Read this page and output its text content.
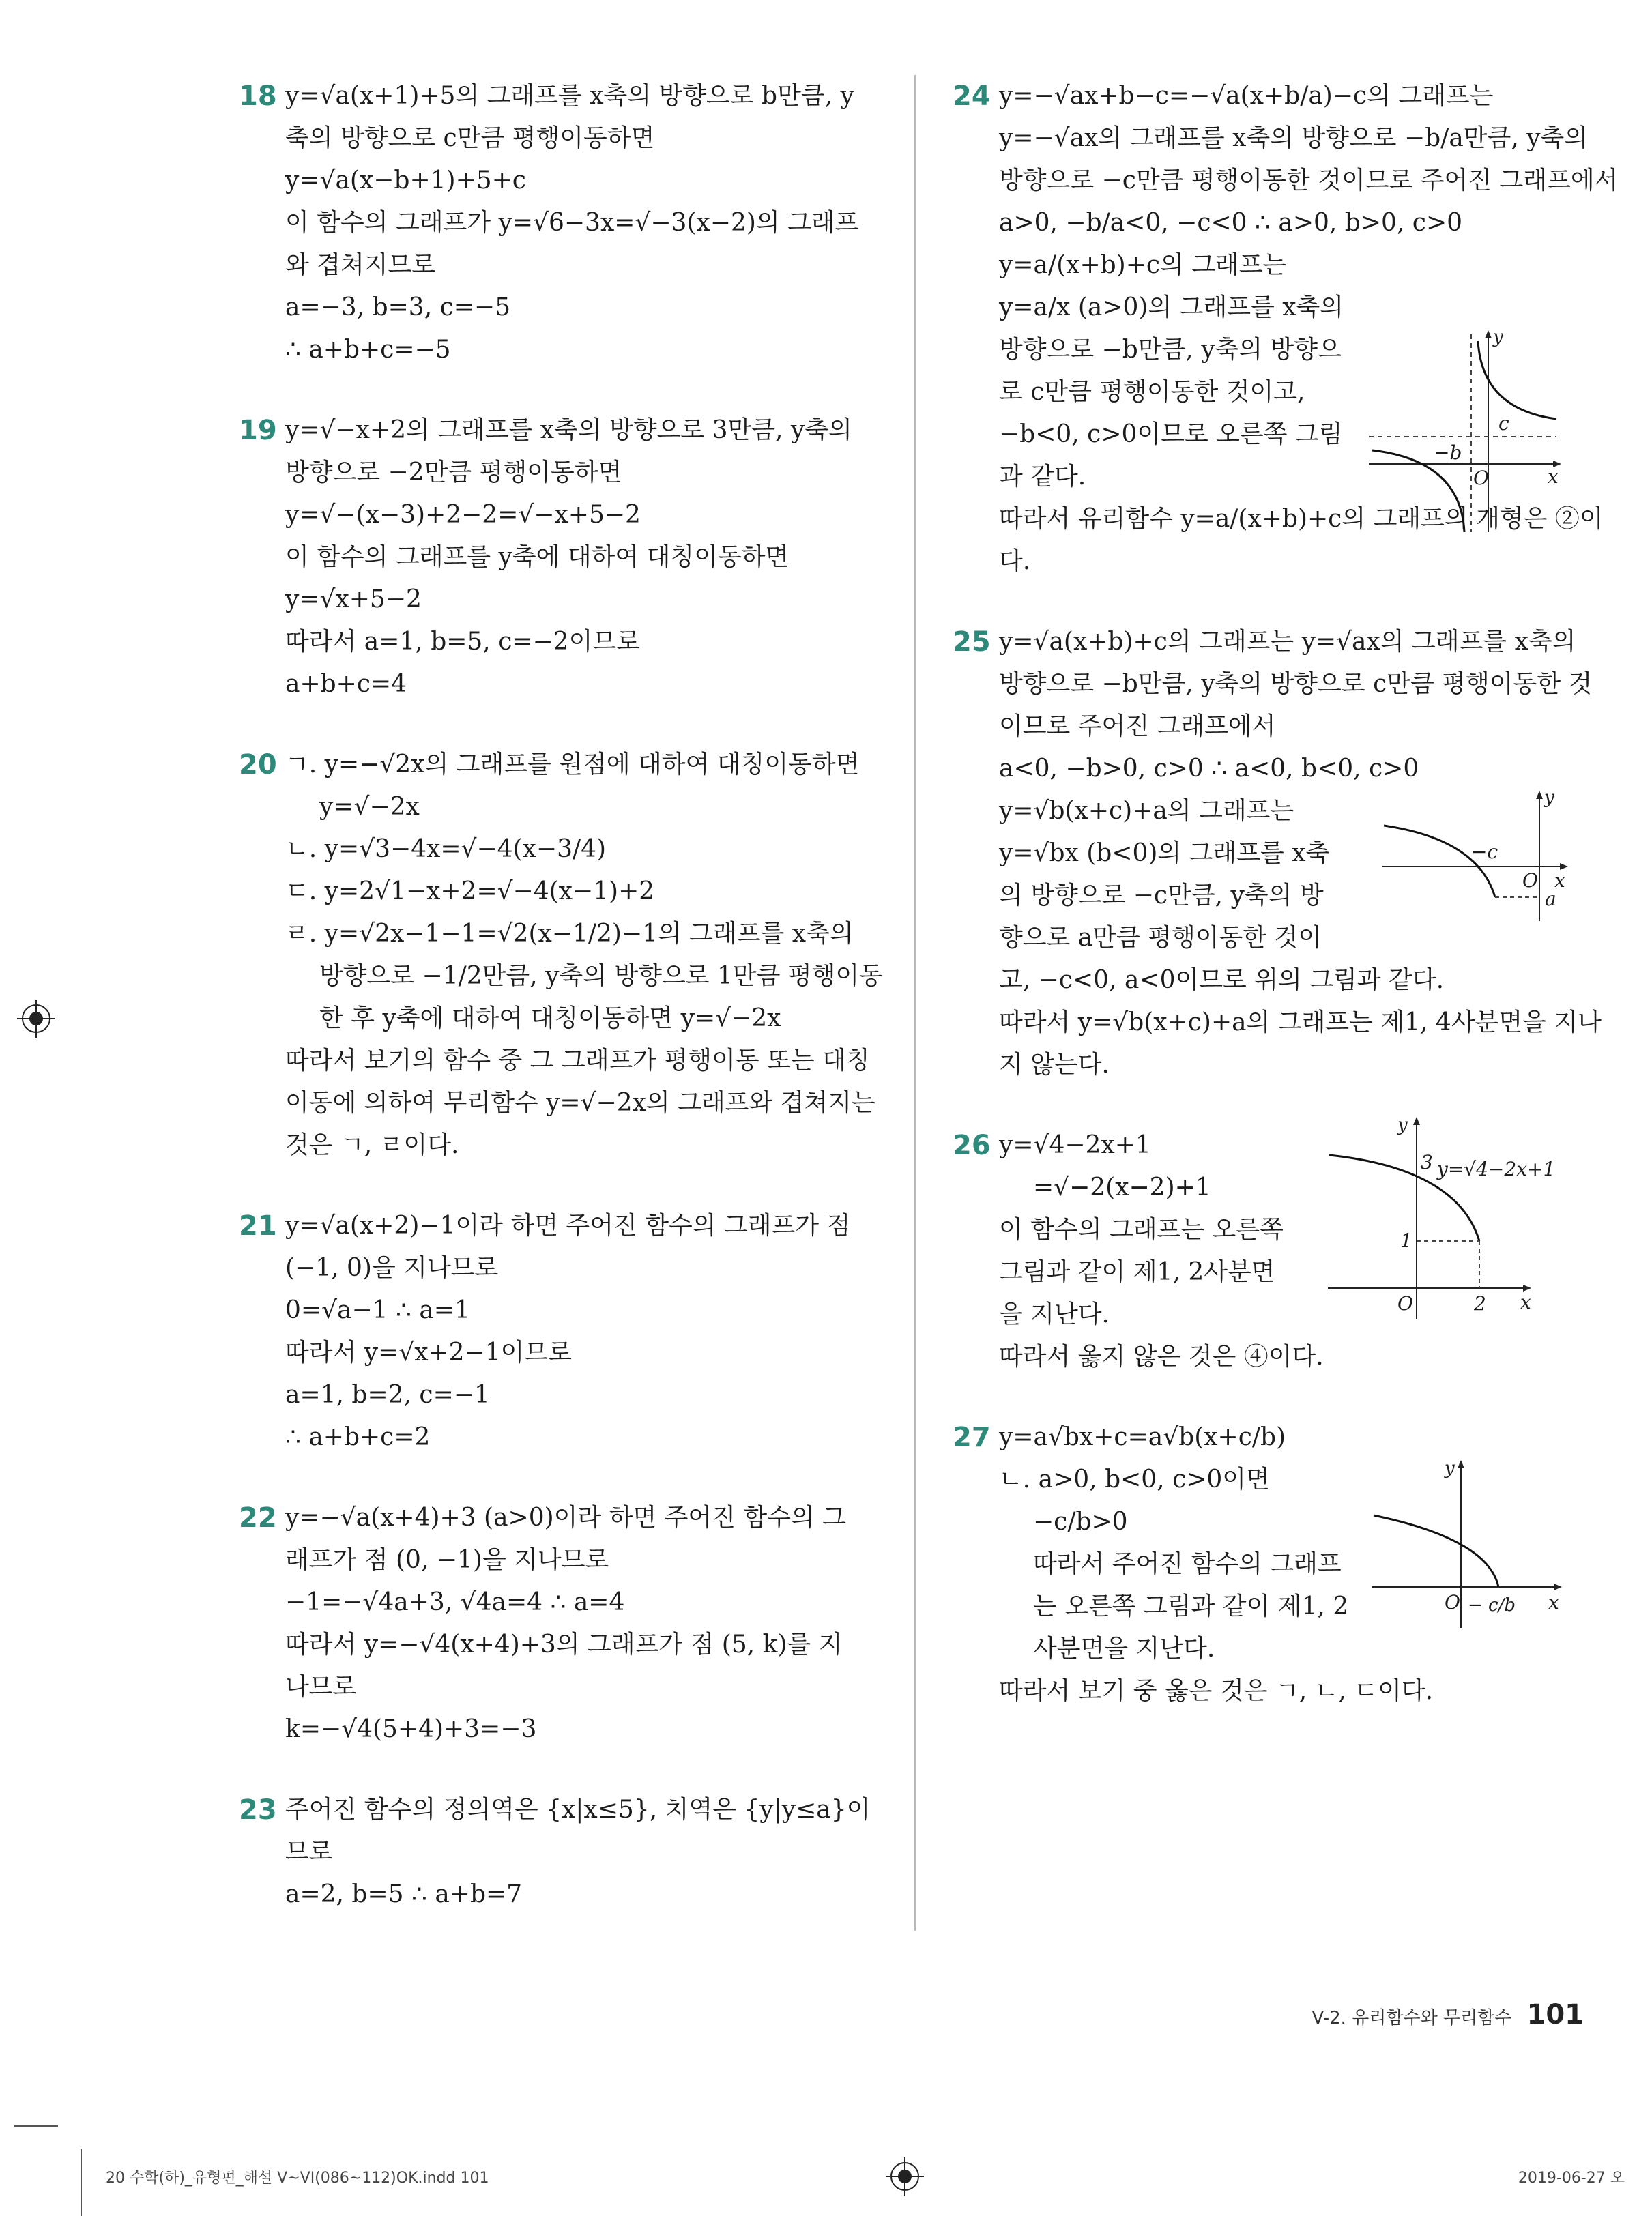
18 y=√a(x+1)+5의 그래프를 x축의 방향으로 b만큼, y
축의 방향으로 c만큼 평행이동하면
y=√a(x−b+1)+5+c
이 함수의 그래프가 y=√6−3x=√−3(x−2)의 그래프
와 겹쳐지므로
a=−3, b=3, c=−5
∴ a+b+c=−5
19 y=√−x+2의 그래프를 x축의 방향으로 3만큼, y축의
방향으로 −2만큼 평행이동하면
y=√−(x−3)+2−2=√−x+5−2
이 함수의 그래프를 y축에 대하여 대칭이동하면
y=√x+5−2
따라서 a=1, b=5, c=−2이므로
a+b+c=4
20 ㄱ. y=−√2x의 그래프를 원점에 대하여 대칭이동하면
y=√−2x
ㄴ. y=√3−4x=√−4(x−3/4)
ㄷ. y=2√1−x+2=√−4(x−1)+2
ㄹ. y=√2x−1−1=√2(x−1/2)−1의 그래프를 x축의
방향으로 −1/2만큼, y축의 방향으로 1만큼 평행이동
한 후 y축에 대하여 대칭이동하면 y=√−2x
따라서 보기의 함수 중 그 그래프가 평행이동 또는 대칭
이동에 의하여 무리함수 y=√−2x의 그래프와 겹쳐지는
것은 ㄱ, ㄹ이다.
21 y=√a(x+2)−1이라 하면 주어진 함수의 그래프가 점
(−1, 0)을 지나므로
0=√a−1 ∴ a=1
따라서 y=√x+2−1이므로
a=1, b=2, c=−1
∴ a+b+c=2
22 y=−√a(x+4)+3 (a>0)이라 하면 주어진 함수의 그
래프가 점 (0, −1)을 지나므로
−1=−√4a+3, √4a=4 ∴ a=4
따라서 y=−√4(x+4)+3의 그래프가 점 (5, k)를 지
나므로
k=−√4(5+4)+3=−3
23 주어진 함수의 정의역은 {x|x≤5}, 치역은 {y|y≤a}이
므로
a=2, b=5 ∴ a+b=7
24 y=−√ax+b−c=−√a(x+b/a)−c의 그래프는
y=−√ax의 그래프를 x축의 방향으로 −b/a만큼, y축의
방향으로 −c만큼 평행이동한 것이므로 주어진 그래프에서
a>0, −b/a<0, −c<0 ∴ a>0, b>0, c>0
y=a/(x+b)+c의 그래프는
y=a/x (a>0)의 그래프를 x축의
방향으로 −b만큼, y축의 방향으
로 c만큼 평행이동한 것이고,
−b<0, c>0이므로 오른쪽 그림
과 같다.
따라서 유리함수 y=a/(x+b)+c의 그래프의 개형은 ②이
다.
y
x
O
c
−b
25 y=√a(x+b)+c의 그래프는 y=√ax의 그래프를 x축의
방향으로 −b만큼, y축의 방향으로 c만큼 평행이동한 것
이므로 주어진 그래프에서
a<0, −b>0, c>0 ∴ a<0, b<0, c>0
y=√b(x+c)+a의 그래프는
y=√bx (b<0)의 그래프를 x축
의 방향으로 −c만큼, y축의 방
향으로 a만큼 평행이동한 것이
고, −c<0, a<0이므로 위의 그림과 같다.
따라서 y=√b(x+c)+a의 그래프는 제1, 4사분면을 지나
지 않는다.
y
x
O
−c
a
26 y=√4−2x+1
=√−2(x−2)+1
이 함수의 그래프는 오른쪽
그림과 같이 제1, 2사분면
을 지난다.
따라서 옳지 않은 것은 ④이다.
y
x
O
3
1
2
y=√4−2x+1
27 y=a√bx+c=a√b(x+c/b)
ㄴ. a>0, b<0, c>0이면
−c/b>0
따라서 주어진 함수의 그래프
는 오른쪽 그림과 같이 제1, 2
사분면을 지난다.
따라서 보기 중 옳은 것은 ㄱ, ㄴ, ㄷ이다.
y
x
O − c/b
V-2. 유리함수와 무리함수 101
20 수학(하)_유형편_해설 V~VI(086~112)OK.indd 101	2019-06-27 오
